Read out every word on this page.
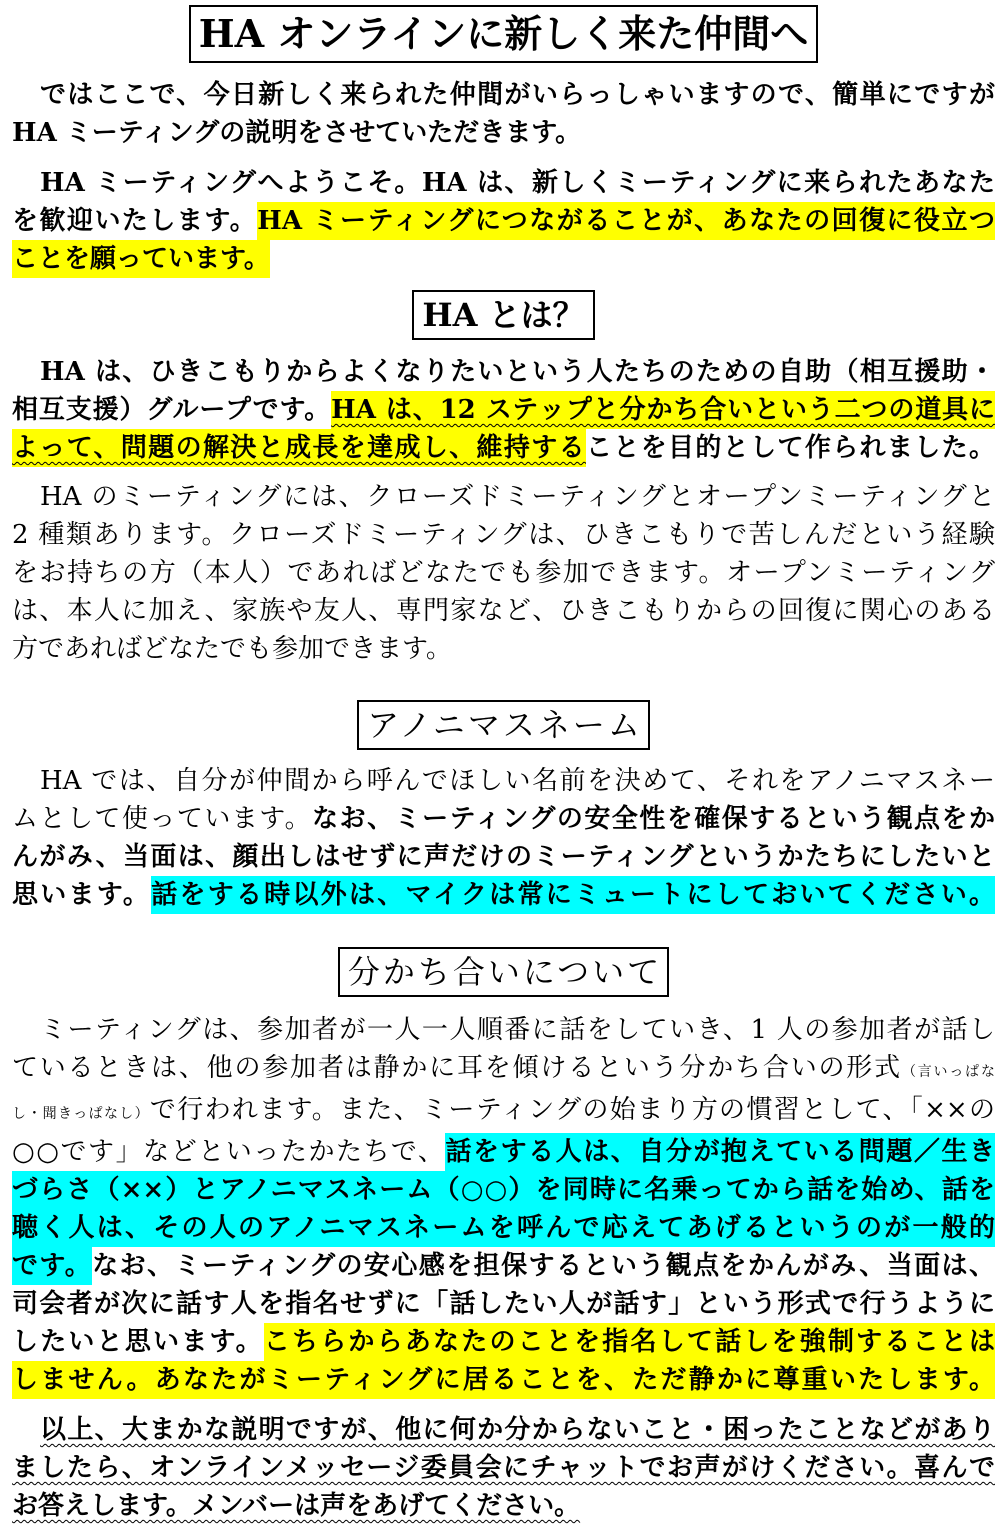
HA オンラインに新しく来た仲間へ
ではここで、今日新しく来られた仲間がいらっしゃいますので、簡単にですが
HA ミーティングの説明をさせていただきます。
HA ミーティングへようこそ。HA は、新しくミーティングに来られたあなた
を歓迎いたします。HA ミーティングにつながることが、あなたの回復に役立つ
ことを願っています。
HA とは？
HA は、ひきこもりからよくなりたいという人たちのための自助（相互援助・
相互支援）グループです。HA は、12 ステップと分かち合いという二つの道具に
よって、問題の解決と成長を達成し、維持することを目的として作られました。
HA のミーティングには、クローズドミーティングとオープンミーティングと
2 種類あります。クローズドミーティングは、ひきこもりで苦しんだという経験
をお持ちの方（本人）であればどなたでも参加できます。オープンミーティング
は、本人に加え、家族や友人、専門家など、ひきこもりからの回復に関心のある
方であればどなたでも参加できます。
アノニマスネーム
HA では、自分が仲間から呼んでほしい名前を決めて、それをアノニマスネー
ムとして使っています。なお、ミーティングの安全性を確保するという観点をか
んがみ、当面は、顔出しはせずに声だけのミーティングというかたちにしたいと
思います。話をする時以外は、マイクは常にミュートにしておいてください。
分かち合いについて
ミーティングは、参加者が一人一人順番に話をしていき、1 人の参加者が話し
ているときは、他の参加者は静かに耳を傾けるという分かち合いの形式（言いっぱな
し・聞きっぱなし）で行われます。また、ミーティングの始まり方の慣習として、「××の
○○です」などといったかたちで、話をする人は、自分が抱えている問題／生き
づらさ（××）とアノニマスネーム（○○）を同時に名乗ってから話を始め、話を
聴く人は、その人のアノニマスネームを呼んで応えてあげるというのが一般的
です。なお、ミーティングの安心感を担保するという観点をかんがみ、当面は、
司会者が次に話す人を指名せずに「話したい人が話す」という形式で行うように
したいと思います。こちらからあなたのことを指名して話しを強制することは
しません。あなたがミーティングに居ることを、ただ静かに尊重いたします。
以上、大まかな説明ですが、他に何か分からないこと・困ったことなどがあり
ましたら、オンラインメッセージ委員会にチャットでお声がけください。喜んで
お答えします。メンバーは声をあげてください。
